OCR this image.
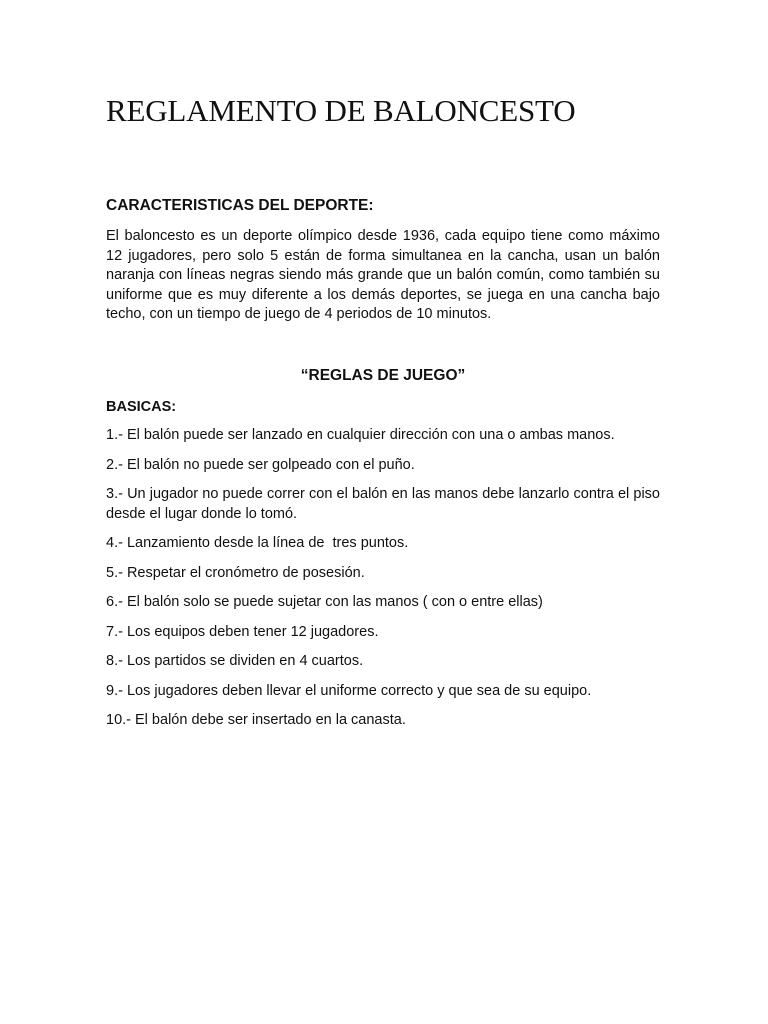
REGLAMENTO DE BALONCESTO
CARACTERISTICAS DEL DEPORTE:

El baloncesto es un deporte olímpico desde 1936, cada equipo tiene como máximo 12 jugadores, pero solo 5 están de forma simultanea en la cancha, usan un balón naranja con líneas negras siendo más grande que un balón común, como también su uniforme que es muy diferente a los demás deportes, se juega en una cancha bajo techo, con un tiempo de juego de 4 periodos de 10 minutos.

“REGLAS DE JUEGO”
BASICAS:
1.- El balón puede ser lanzado en cualquier dirección con una o ambas manos.
2.- El balón no puede ser golpeado con el puño.
3.- Un jugador no puede correr con el balón en las manos debe lanzarlo contra el piso desde el lugar donde lo tomó.
4.- Lanzamiento desde la línea de  tres puntos.
5.- Respetar el cronómetro de posesión.
6.- El balón solo se puede sujetar con las manos ( con o entre ellas)
7.- Los equipos deben tener 12 jugadores.
8.- Los partidos se dividen en 4 cuartos.
9.- Los jugadores deben llevar el uniforme correcto y que sea de su equipo.
10.- El balón debe ser insertado en la canasta.
